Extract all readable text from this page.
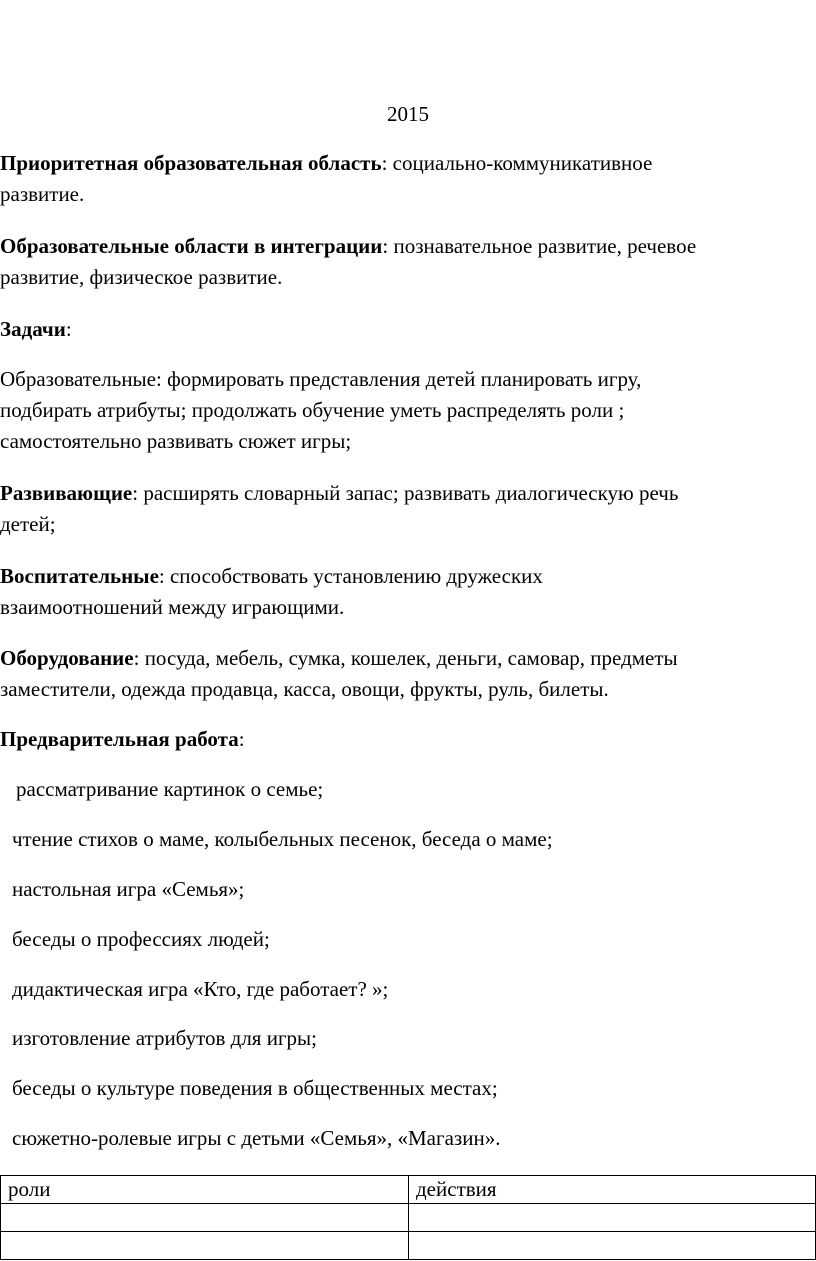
2015

Приоритетная образовательная область: социально-коммуникативное
развитие.

Образовательные области в интеграции: познавательное развитие, речевое
развитие, физическое развитие.

Задачи:

Образовательные: формировать представления детей планировать игру,
подбирать атрибуты; продолжать обучение уметь распределять роли ;
самостоятельно развивать сюжет игры;

Развивающие: расширять словарный запас; развивать диалогическую речь
детей;

Воспитательные: способствовать установлению дружеских
взаимоотношений между играющими.

Оборудование: посуда, мебель, сумка, кошелек, деньги, самовар, предметы
заместители, одежда продавца, касса, овощи, фрукты, руль, билеты.

Предварительная работа:

рассматривание картинок о семье;
чтение стихов о маме, колыбельных песенок, беседа о маме;
настольная игра «Семья»;
беседы о профессиях людей;
дидактическая игра «Кто, где работает? »;
изготовление атрибутов для игры;
беседы о культуре поведения в общественных местах;
сюжетно-ролевые игры с детьми «Семья», «Магазин».
роли	действия
